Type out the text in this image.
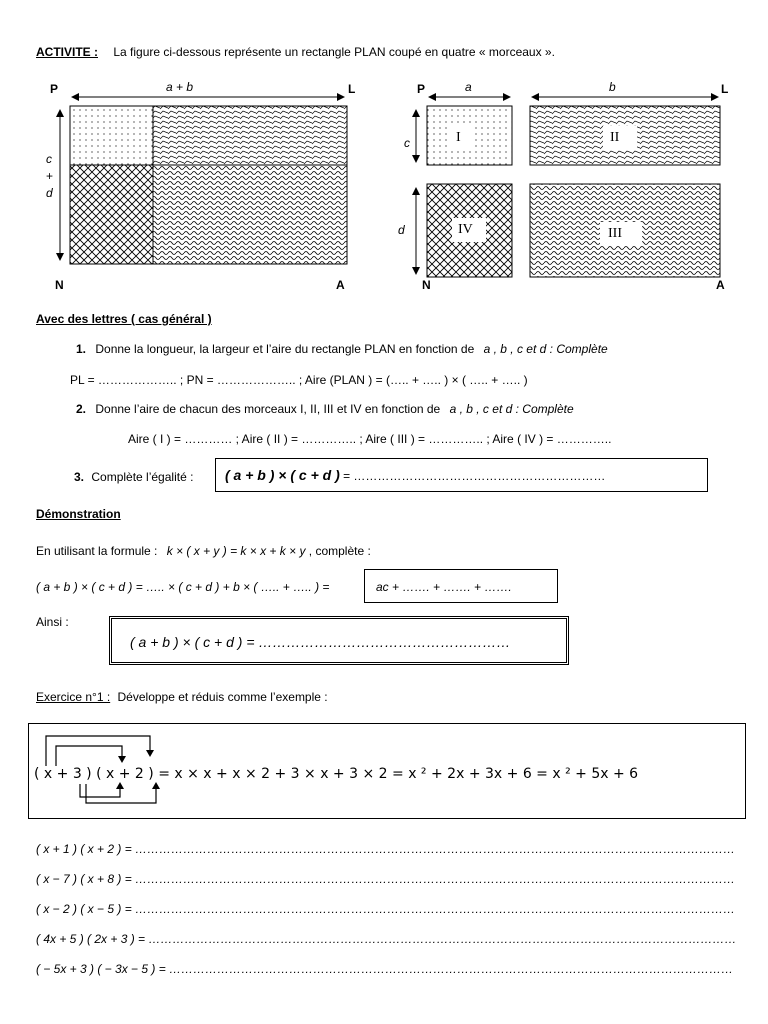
ACTIVITE : La figure ci-dessous représente un rectangle PLAN coupé en quatre « morceaux ».
P	L
N	A
a + b
c
+
d
P	L
N	A
a	b
c
d
I	II
IV	III
Avec des lettres ( cas général )
1. Donne la longueur, la largeur et l’aire du rectangle PLAN en fonction de a , b , c et d : Complète
PL = ……………….. ; PN = ……………….. ; Aire (PLAN ) = (….. + ….. ) × ( ….. + ….. )
2. Donne l’aire de chacun des morceaux I, II, III et IV en fonction de a , b , c et d : Complète
Aire ( I ) = ………… ; Aire ( II ) = ………….. ; Aire ( III ) = ………….. ; Aire ( IV ) = …………..
3. Complète l’égalité : ( a + b ) × ( c + d ) = ………………………………………………………
Démonstration
En utilisant la formule : k × ( x + y ) = k × x + k × y , complète :
( a + b ) × ( c + d ) = ….. × ( c + d ) + b × ( ….. + ….. ) =	ac + ……. + ……. + …….
Ainsi :
( a + b ) × ( c + d ) = ………………………………………………
Exercice n°1 : Développe et réduis comme l’exemple :
( x + 3 ) ( x + 2 ) = x × x + x × 2 + 3 × x + 3 × 2 = x ² + 2x + 3x + 6 = x ² + 5x + 6
( x + 1 ) ( x + 2 ) = ……………………………………………………………………………………………………………………………………
( x − 7 ) ( x + 8 ) = ……………………………………………………………………………………………………………………………………
( x − 2 ) ( x − 5 ) = ……………………………………………………………………………………………………………………………………
( 4x + 5 ) ( 2x + 3 ) = …………………………………………………………………………………………………………………………………
( − 5x + 3 ) ( − 3x − 5 ) = ……………………………………………………………………………………………………………………………
